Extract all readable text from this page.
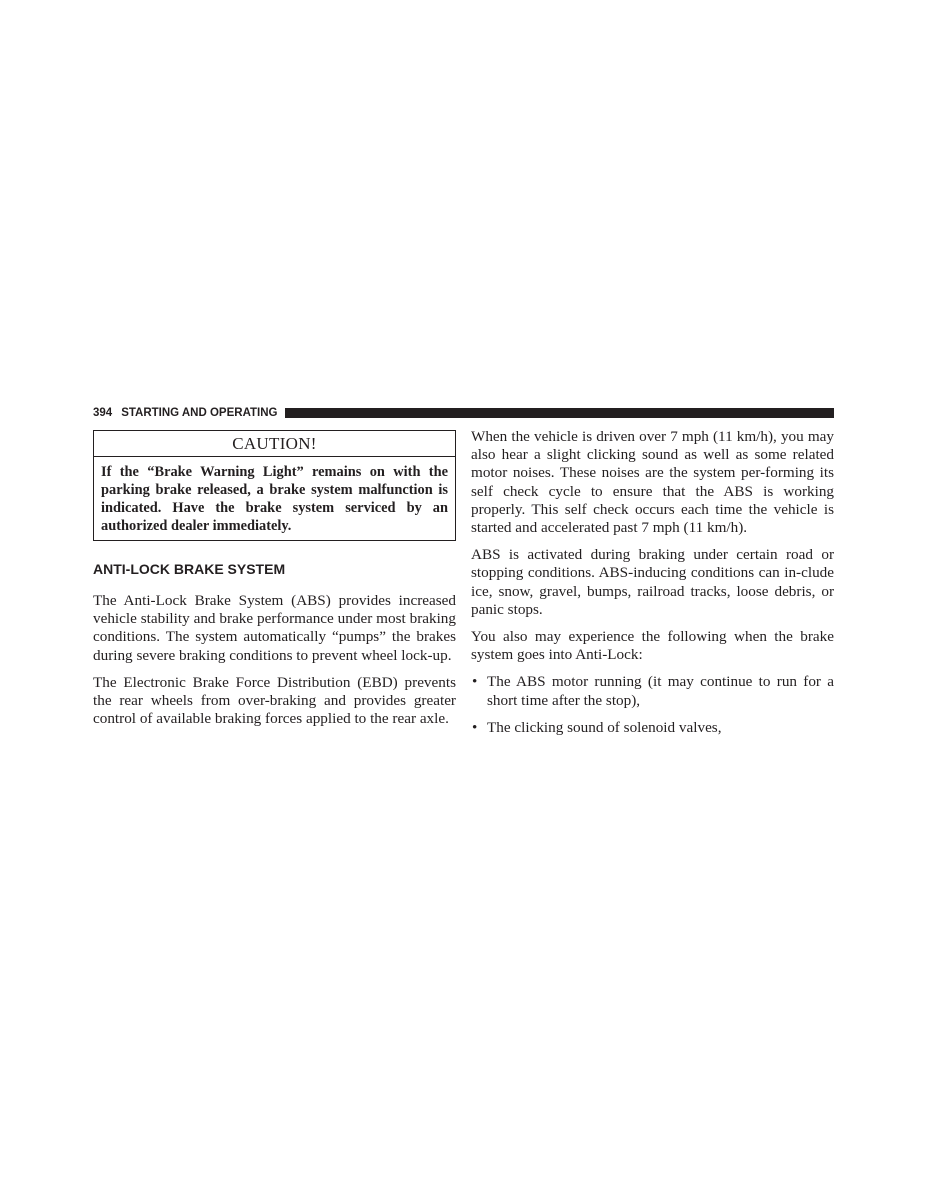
394 STARTING AND OPERATING
CAUTION!
If the “Brake Warning Light” remains on with the parking brake released, a brake system malfunction is indicated. Have the brake system serviced by an authorized dealer immediately.
ANTI-LOCK BRAKE SYSTEM

The Anti-Lock Brake System (ABS) provides increased vehicle stability and brake performance under most braking conditions. The system automatically “pumps” the brakes during severe braking conditions to prevent wheel lock-up.

The Electronic Brake Force Distribution (EBD) prevents the rear wheels from over-braking and provides greater control of available braking forces applied to the rear axle.

When the vehicle is driven over 7 mph (11 km/h), you may also hear a slight clicking sound as well as some related motor noises. These noises are the system per-forming its self check cycle to ensure that the ABS is working properly. This self check occurs each time the vehicle is started and accelerated past 7 mph (11 km/h).

ABS is activated during braking under certain road or stopping conditions. ABS-inducing conditions can in-clude ice, snow, gravel, bumps, railroad tracks, loose debris, or panic stops.

You also may experience the following when the brake system goes into Anti-Lock:

• The ABS motor running (it may continue to run for a short time after the stop),
• The clicking sound of solenoid valves,
